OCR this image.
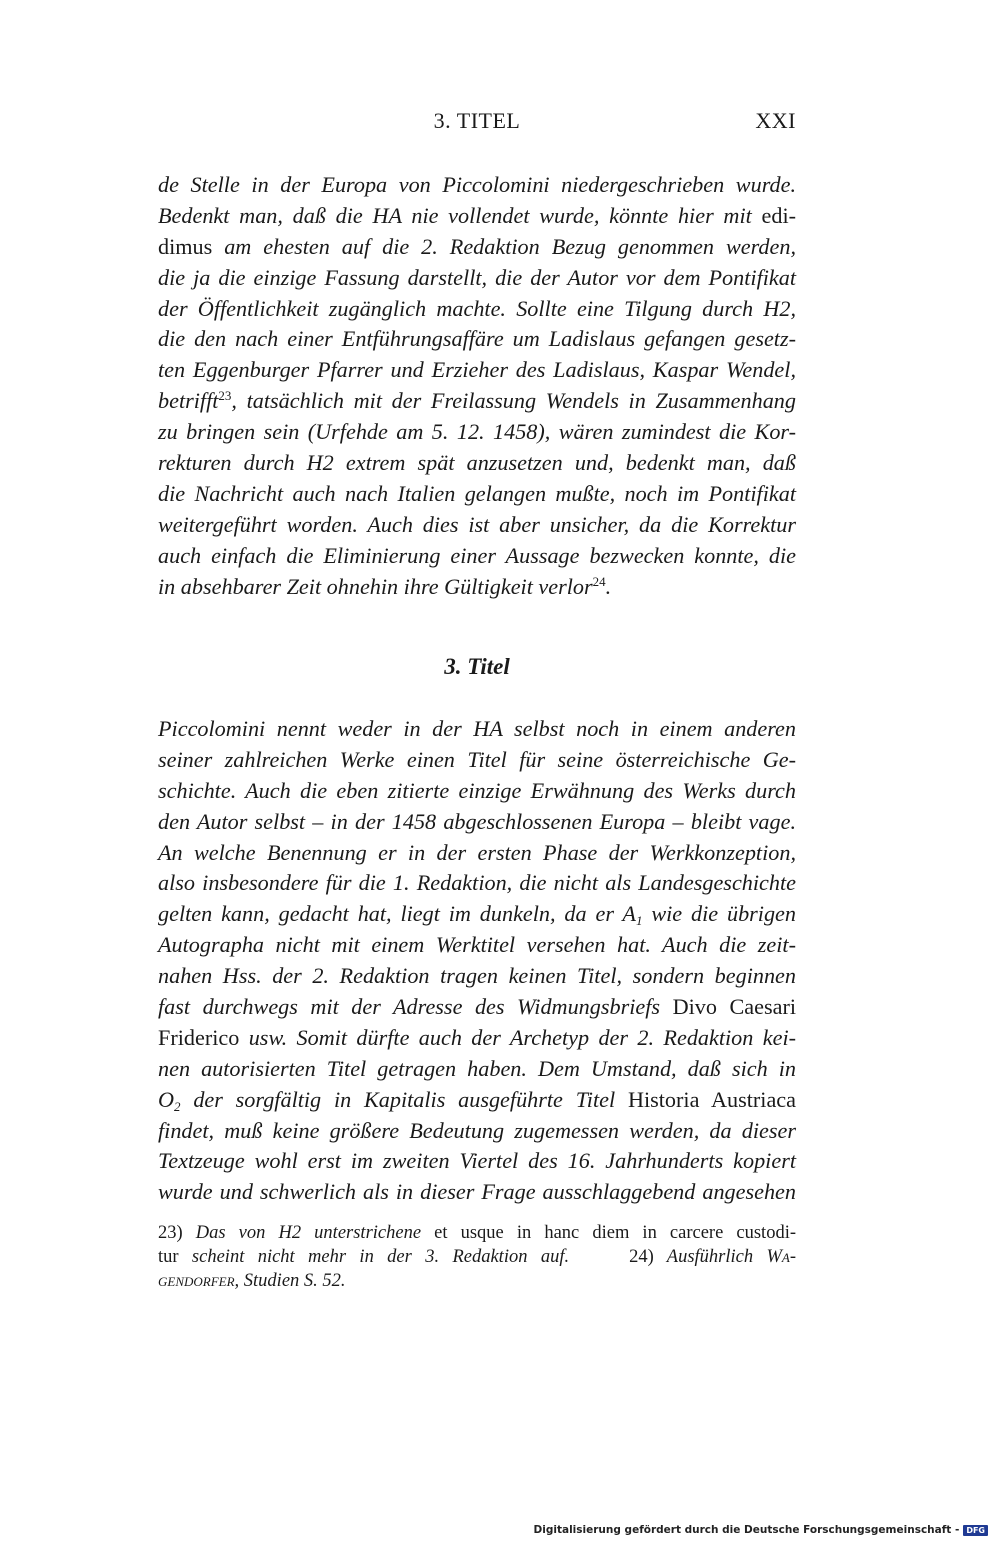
3. TITEL	XXI
de Stelle in der Europa von Piccolomini niedergeschrieben wurde.
Bedenkt man, daß die HA nie vollendet wurde, könnte hier mit edi-
dimus am ehesten auf die 2. Redaktion Bezug genommen werden,
die ja die einzige Fassung darstellt, die der Autor vor dem Pontifikat
der Öffentlichkeit zugänglich machte. Sollte eine Tilgung durch H2,
die den nach einer Entführungsaffäre um Ladislaus gefangen gesetz-
ten Eggenburger Pfarrer und Erzieher des Ladislaus, Kaspar Wendel,
betrifft$^{23}$, tatsächlich mit der Freilassung Wendels in Zusammenhang
zu bringen sein (Urfehde am 5. 12. 1458), wären zumindest die Kor-
rekturen durch H2 extrem spät anzusetzen und, bedenkt man, daß
die Nachricht auch nach Italien gelangen mußte, noch im Pontifikat
weitergeführt worden. Auch dies ist aber unsicher, da die Korrektur
auch einfach die Eliminierung einer Aussage bezwecken konnte, die
in absehbarer Zeit ohnehin ihre Gültigkeit verlor$^{24}$.
3. Titel
Piccolomini nennt weder in der HA selbst noch in einem anderen
seiner zahlreichen Werke einen Titel für seine österreichische Ge-
schichte. Auch die eben zitierte einzige Erwähnung des Werks durch
den Autor selbst – in der 1458 abgeschlossenen Europa – bleibt vage.
An welche Benennung er in der ersten Phase der Werkkonzeption,
also insbesondere für die 1. Redaktion, die nicht als Landesgeschichte
gelten kann, gedacht hat, liegt im dunkeln, da er $A_1$ wie die übrigen
Autographa nicht mit einem Werktitel versehen hat. Auch die zeit-
nahen Hss. der 2. Redaktion tragen keinen Titel, sondern beginnen
fast durchwegs mit der Adresse des Widmungsbriefs Divo Caesari
Friderico usw. Somit dürfte auch der Archetyp der 2. Redaktion kei-
nen autorisierten Titel getragen haben. Dem Umstand, daß sich in
$O_2$ der sorgfältig in Kapitalis ausgeführte Titel Historia Austriaca
findet, muß keine größere Bedeutung zugemessen werden, da dieser
Textzeuge wohl erst im zweiten Viertel des 16. Jahrhunderts kopiert
wurde und schwerlich als in dieser Frage ausschlaggebend angesehen
23) Das von H2 unterstrichene et usque in hanc diem in carcere custodi-
tur scheint nicht mehr in der 3. Redaktion auf.	24) Ausführlich Wa-
gendorfer, Studien S. 52.
Digitalisierung gefördert durch die Deutsche Forschungsgemeinschaft - DFG
